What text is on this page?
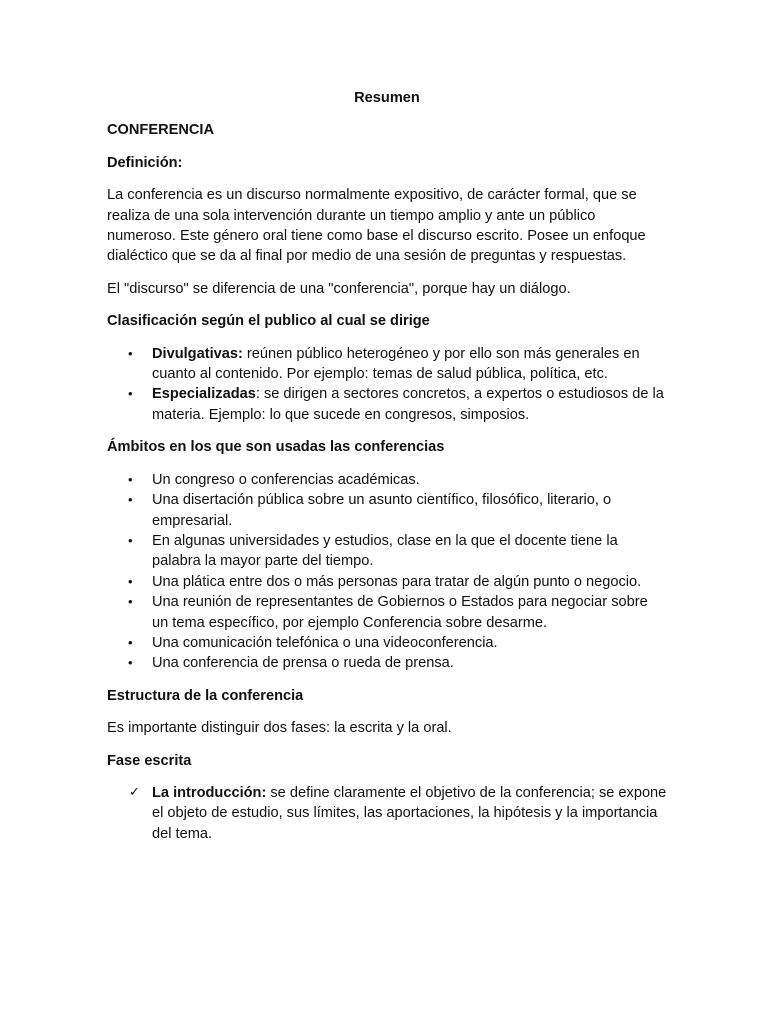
Resumen
CONFERENCIA
Definición:
La conferencia es un discurso normalmente expositivo, de carácter formal, que se realiza de una sola intervención durante un tiempo amplio y ante un público numeroso. Este género oral tiene como base el discurso escrito. Posee un enfoque dialéctico que se da al final por medio de una sesión de preguntas y respuestas.
El "discurso" se diferencia de una "conferencia", porque hay un diálogo.
Clasificación según el publico al cual se dirige
• Divulgativas: reúnen público heterogéneo y por ello son más generales en cuanto al contenido. Por ejemplo: temas de salud pública, política, etc.
• Especializadas: se dirigen a sectores concretos, a expertos o estudiosos de la materia. Ejemplo: lo que sucede en congresos, simposios.
Ámbitos en los que son usadas las conferencias
• Un congreso o conferencias académicas.
• Una disertación pública sobre un asunto científico, filosófico, literario, o empresarial.
• En algunas universidades y estudios, clase en la que el docente tiene la palabra la mayor parte del tiempo.
• Una plática entre dos o más personas para tratar de algún punto o negocio.
• Una reunión de representantes de Gobiernos o Estados para negociar sobre un tema específico, por ejemplo Conferencia sobre desarme.
• Una comunicación telefónica o una videoconferencia.
• Una conferencia de prensa o rueda de prensa.
Estructura de la conferencia
Es importante distinguir dos fases: la escrita y la oral.
Fase escrita
✓ La introducción: se define claramente el objetivo de la conferencia; se expone el objeto de estudio, sus límites, las aportaciones, la hipótesis y la importancia del tema.
